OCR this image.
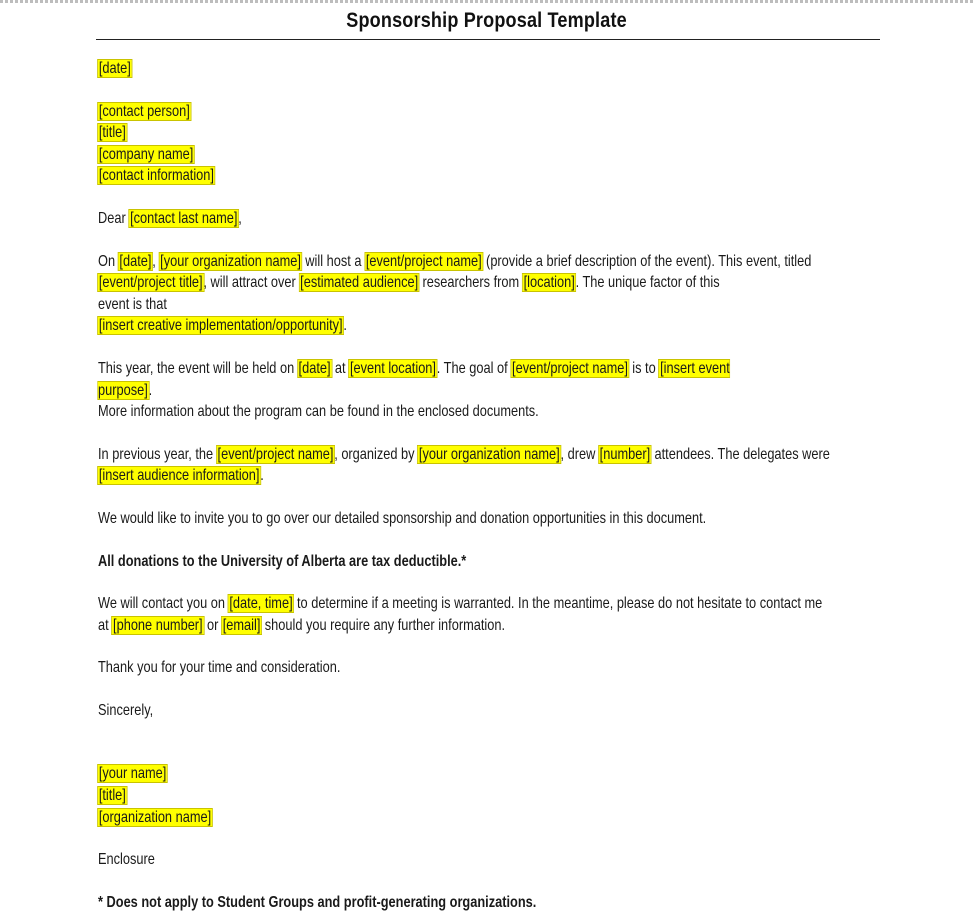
Sponsorship Proposal Template

[date]

[contact person]

[title]

[company name]

[contact information]

Dear [contact last name],

On [date], [your organization name] will host a [event/project name] (provide a brief description of the event). This event, titled
[event/project title], will attract over [estimated audience] researchers from [location]. The unique factor of this event is that
[insert creative implementation/opportunity].

This year, the event will be held on [date] at [event location]. The goal of [event/project name] is to [insert event purpose].
More information about the program can be found in the enclosed documents.

In previous year, the [event/project name], organized by [your organization name], drew [number] attendees. The delegates were
[insert audience information].

We would like to invite you to go over our detailed sponsorship and donation opportunities in this document.

All donations to the University of Alberta are tax deductible.*

We will contact you on [date, time] to determine if a meeting is warranted. In the meantime, please do not hesitate to contact me
at [phone number] or [email] should you require any further information.

Thank you for your time and consideration.

Sincerely,

[your name]

[title]

[organization name]

Enclosure

* Does not apply to Student Groups and profit-generating organizations.
